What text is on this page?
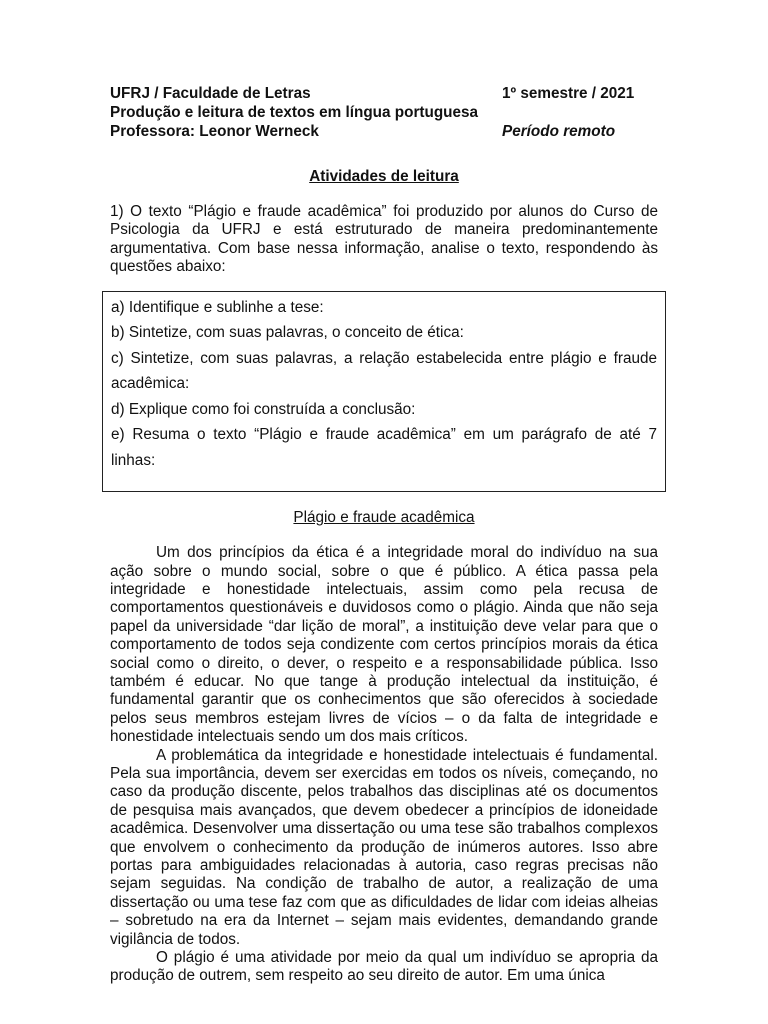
UFRJ / Faculdade de Letras	1º semestre / 2021
Produção e leitura de textos em língua portuguesa
Professora: Leonor Werneck	Período remoto
Atividades de leitura

1) O texto “Plágio e fraude acadêmica” foi produzido por alunos do Curso de Psicologia da UFRJ e está estruturado de maneira predominantemente argumentativa. Com base nessa informação, analise o texto, respondendo às questões abaixo:

a) Identifique e sublinhe a tese:
b) Sintetize, com suas palavras, o conceito de ética:
c) Sintetize, com suas palavras, a relação estabelecida entre plágio e fraude acadêmica:
d) Explique como foi construída a conclusão:
e) Resuma o texto “Plágio e fraude acadêmica” em um parágrafo de até 7 linhas:
Plágio e fraude acadêmica

Um dos princípios da ética é a integridade moral do indivíduo na sua ação sobre o mundo social, sobre o que é público. A ética passa pela integridade e honestidade intelectuais, assim como pela recusa de comportamentos questionáveis e duvidosos como o plágio. Ainda que não seja papel da universidade “dar lição de moral”, a instituição deve velar para que o comportamento de todos seja condizente com certos princípios morais da ética social como o direito, o dever, o respeito e a responsabilidade pública. Isso também é educar. No que tange à produção intelectual da instituição, é fundamental garantir que os conhecimentos que são oferecidos à sociedade pelos seus membros estejam livres de vícios – o da falta de integridade e honestidade intelectuais sendo um dos mais críticos.

A problemática da integridade e honestidade intelectuais é fundamental. Pela sua importância, devem ser exercidas em todos os níveis, começando, no caso da produção discente, pelos trabalhos das disciplinas até os documentos de pesquisa mais avançados, que devem obedecer a princípios de idoneidade acadêmica. Desenvolver uma dissertação ou uma tese são trabalhos complexos que envolvem o conhecimento da produção de inúmeros autores. Isso abre portas para ambiguidades relacionadas à autoria, caso regras precisas não sejam seguidas. Na condição de trabalho de autor, a realização de uma dissertação ou uma tese faz com que as dificuldades de lidar com ideias alheias – sobretudo na era da Internet – sejam mais evidentes, demandando grande vigilância de todos.

O plágio é uma atividade por meio da qual um indivíduo se apropria da produção de outrem, sem respeito ao seu direito de autor. Em uma única
